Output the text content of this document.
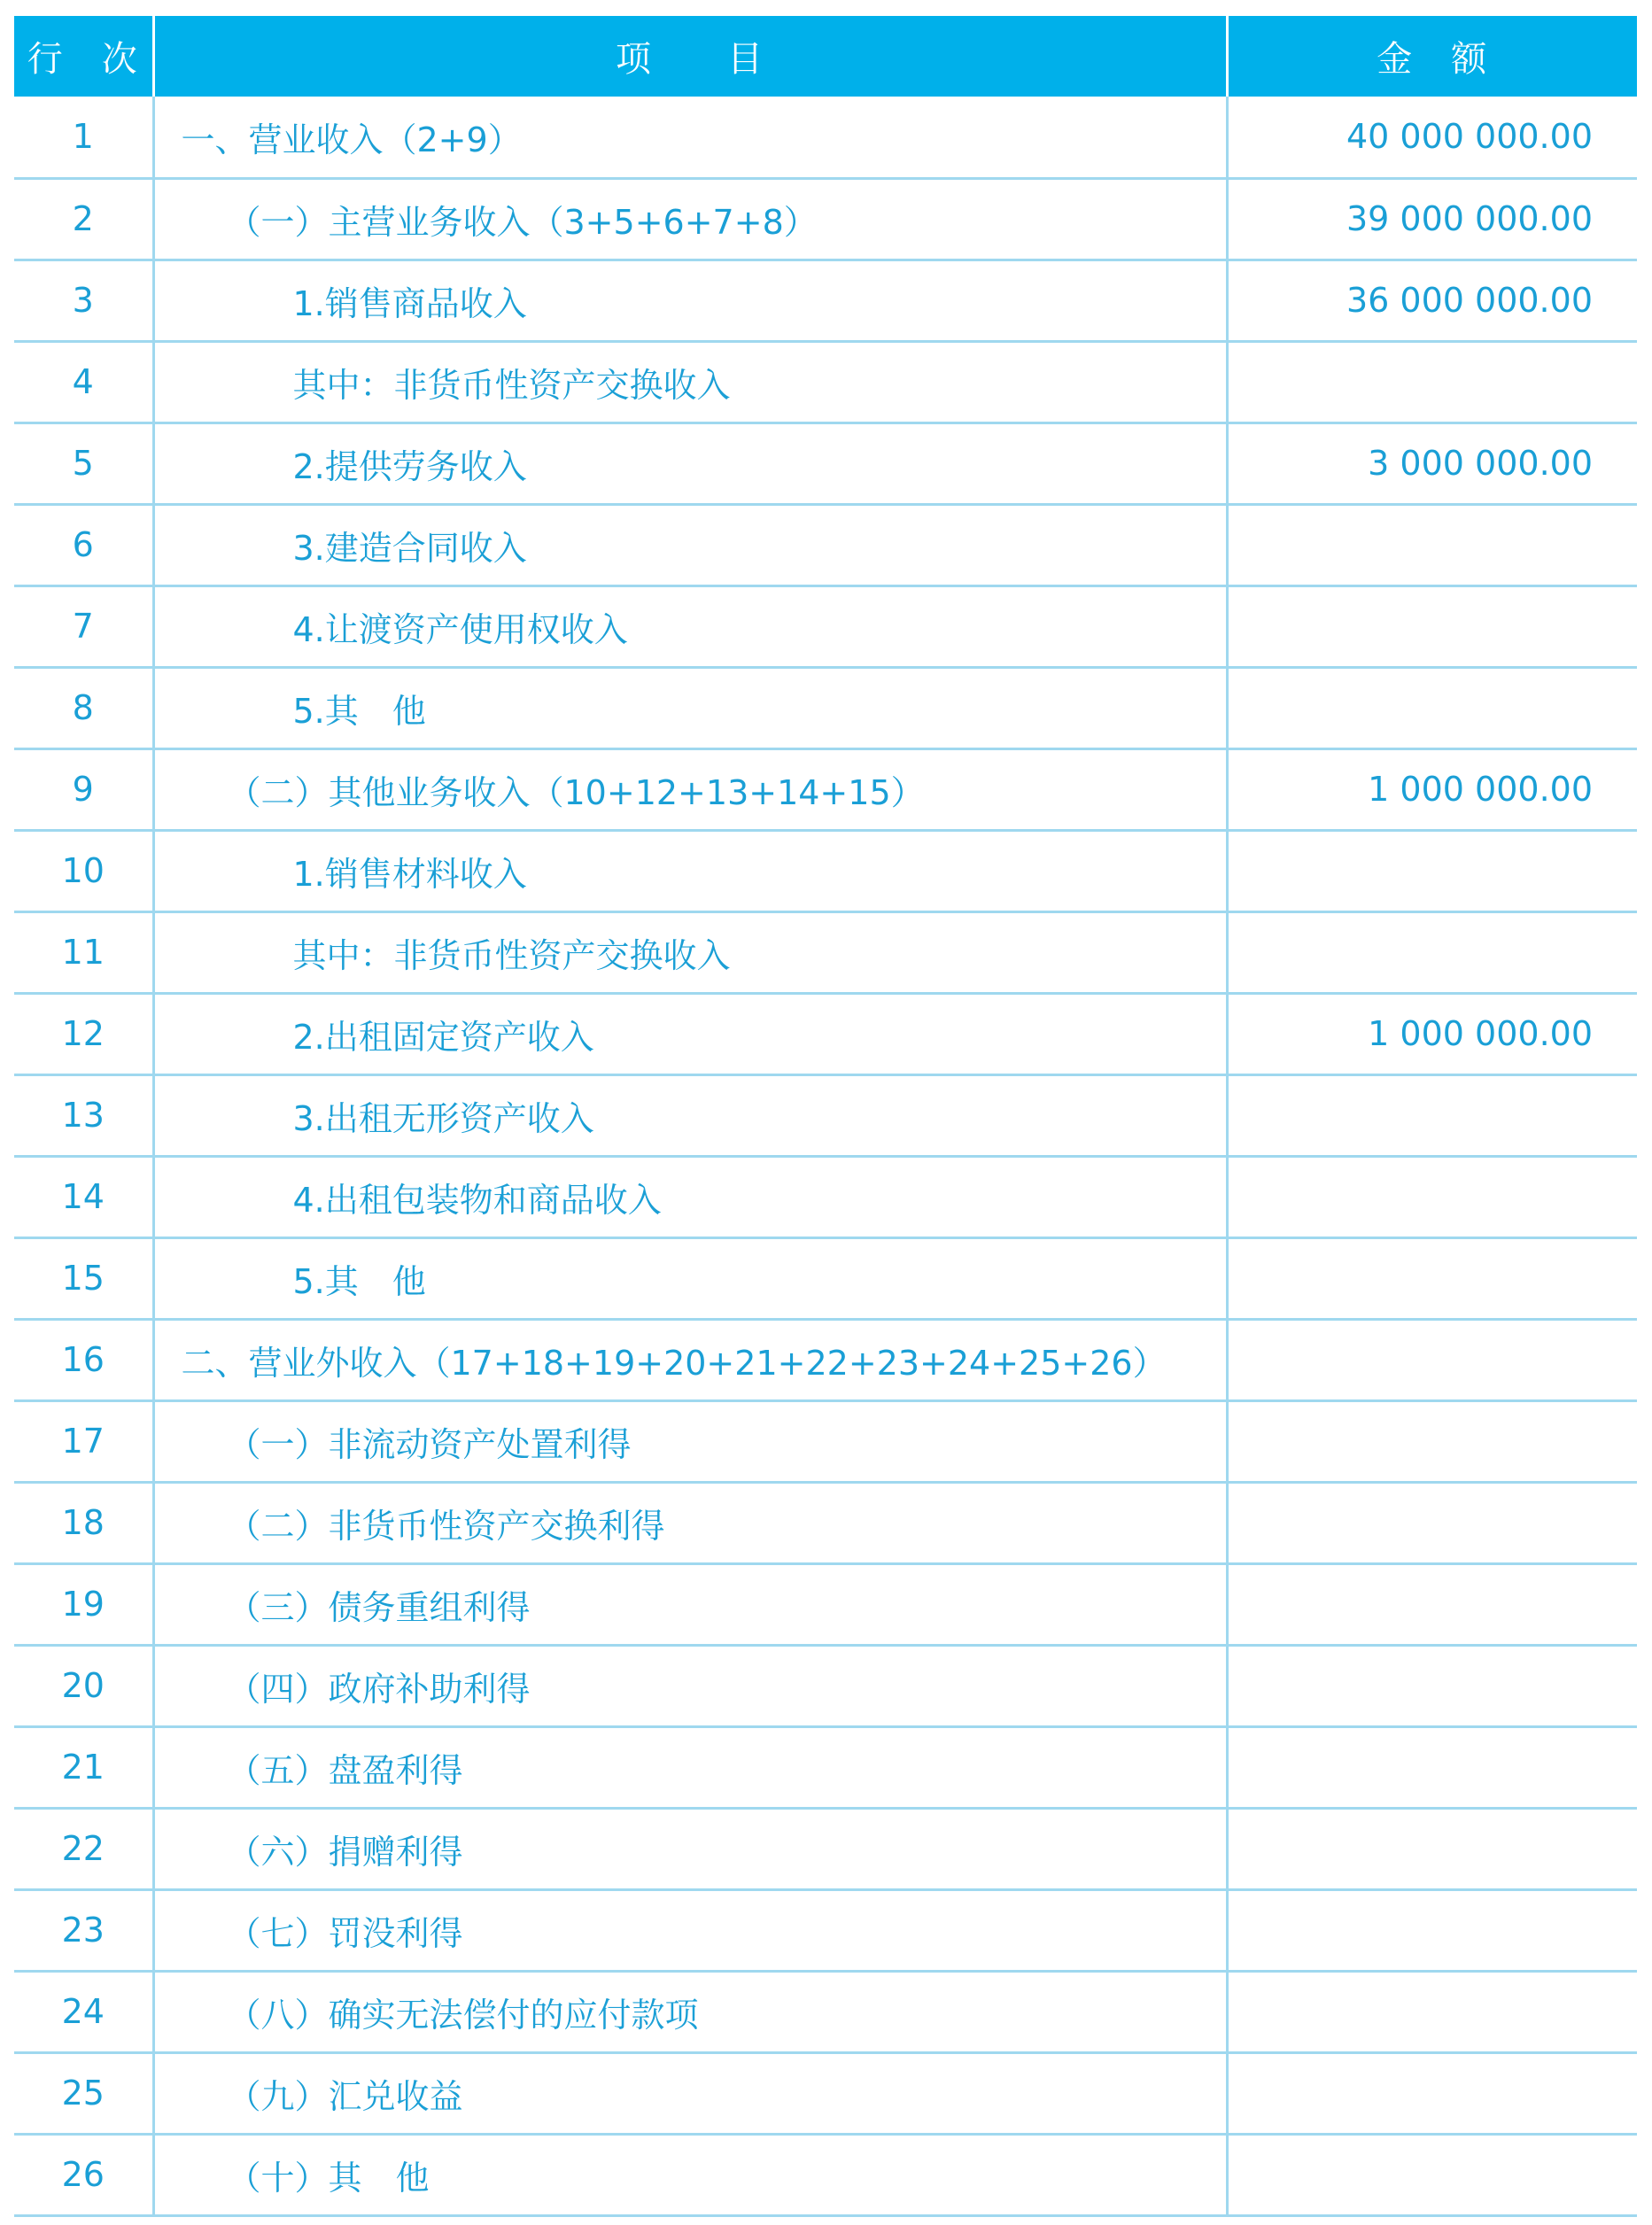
行　次	项　　目	金　额
1	一、营业收入（2+9）	40 000 000.00
2	（一）主营业务收入（3+5+6+7+8）	39 000 000.00
3	1.销售商品收入	36 000 000.00
4	其中：非货币性资产交换收入	
5	2.提供劳务收入	3 000 000.00
6	3.建造合同收入	
7	4.让渡资产使用权收入	
8	5.其　他	
9	（二）其他业务收入（10+12+13+14+15）	1 000 000.00
10	1.销售材料收入	
11	其中：非货币性资产交换收入	
12	2.出租固定资产收入	1 000 000.00
13	3.出租无形资产收入	
14	4.出租包装物和商品收入	
15	5.其　他	
16	二、营业外收入（17+18+19+20+21+22+23+24+25+26）	
17	（一）非流动资产处置利得	
18	（二）非货币性资产交换利得	
19	（三）债务重组利得	
20	（四）政府补助利得	
21	（五）盘盈利得	
22	（六）捐赠利得	
23	（七）罚没利得	
24	（八）确实无法偿付的应付款项	
25	（九）汇兑收益	
26	（十）其　他	
